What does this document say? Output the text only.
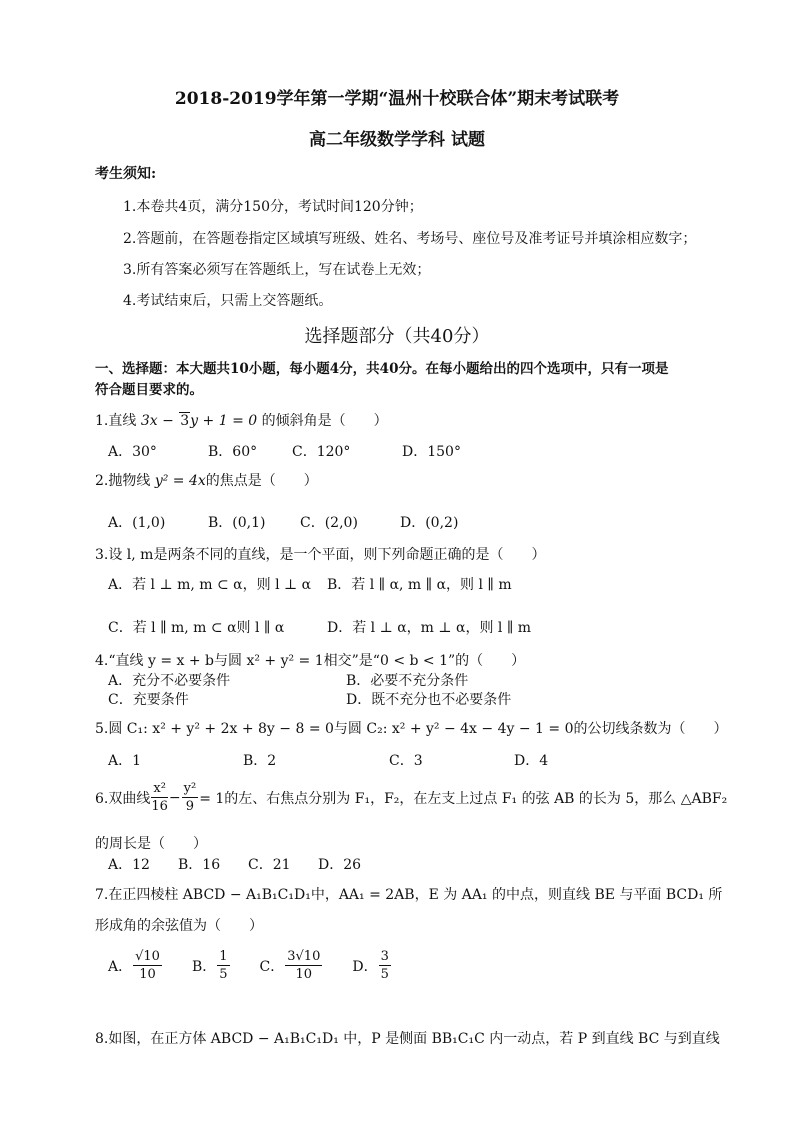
2018-2019学年第一学期“温州十校联合体”期末考试联考
高二年级数学学科 试题
考生须知:
1.本卷共4页，满分150分，考试时间120分钟；
2.答题前，在答题卷指定区域填写班级、姓名、考场号、座位号及准考证号并填涂相应数字；
3.所有答案必须写在答题纸上，写在试卷上无效；
4.考试结束后，只需上交答题纸。
选择题部分（共40分）
一、选择题：本大题共10小题，每小题4分，共40分。在每小题给出的四个选项中，只有一项是
符合题目要求的。
1.直线 3x − 3y + 1 = 0 的倾斜角是（　　）
A．30°	B．60° C．120°	D．150°
2.抛物线 y² = 4x的焦点是（　　）
A．(1,0)	B．(0,1) C．(2,0)	D．(0,2)
3.设 l, m是两条不同的直线，是一个平面，则下列命题正确的是（　　）
A．若 l ⊥ m, m ⊂ α，则 l ⊥ α B．若 l ∥ α, m ∥ α，则 l ∥ m
C．若 l ∥ m, m ⊂ α则 l ∥ α	D．若 l ⊥ α，m ⊥ α，则 l ∥ m
4.“直线 y = x + b与圆 x² + y² = 1相交”是“0 < b < 1”的（　　）
A．充分不必要条件	B．必要不充分条件
C．充要条件	D．既不充分也不必要条件
5.圆 C₁: x² + y² + 2x + 8y − 8 = 0与圆 C₂: x² + y² − 4x − 4y − 1 = 0的公切线条数为（　　）
A．1	B．2	C．3	D．4
6.双曲线 $\frac{\text{x²}}{16} - \frac{\text{y²}}{9} = 1$的左、右焦点分别为 F₁，F₂，在左支上过点 F₁ 的弦 AB 的长为 5，那么 △ABF₂
的周长是（　　）
A．12 B．16 C．21 D．26
7.在正四棱柱 ABCD − A₁B₁C₁D₁中，AA₁ = 2AB，E 为 AA₁ 的中点，则直线 BE 与平面 BCD₁ 所
形成角的余弦值为（　　）
A． $\frac{√10}{10}$ B． $\frac{1}{5}$ C． $\frac{3√10}{10}$ D． $\frac{3}{5}$
8.如图，在正方体 ABCD − A₁B₁C₁D₁ 中，P 是侧面 BB₁C₁C 内一动点，若 P 到直线 BC 与到直线
